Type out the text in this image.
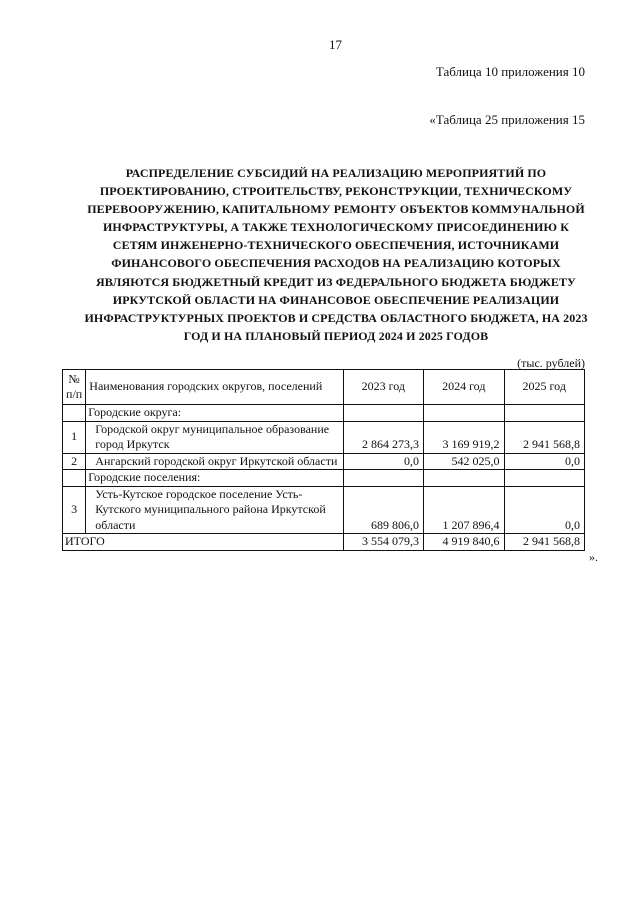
17
Таблица 10 приложения 10
«Таблица 25 приложения 15
РАСПРЕДЕЛЕНИЕ СУБСИДИЙ НА РЕАЛИЗАЦИЮ МЕРОПРИЯТИЙ ПО ПРОЕКТИРОВАНИЮ, СТРОИТЕЛЬСТВУ, РЕКОНСТРУКЦИИ, ТЕХНИЧЕСКОМУ ПЕРЕВООРУЖЕНИЮ, КАПИТАЛЬНОМУ РЕМОНТУ ОБЪЕКТОВ КОММУНАЛЬНОЙ ИНФРАСТРУКТУРЫ, А ТАКЖЕ ТЕХНОЛОГИЧЕСКОМУ ПРИСОЕДИНЕНИЮ К СЕТЯМ ИНЖЕНЕРНО-ТЕХНИЧЕСКОГО ОБЕСПЕЧЕНИЯ, ИСТОЧНИКАМИ ФИНАНСОВОГО ОБЕСПЕЧЕНИЯ РАСХОДОВ НА РЕАЛИЗАЦИЮ КОТОРЫХ ЯВЛЯЮТСЯ БЮДЖЕТНЫЙ КРЕДИТ ИЗ ФЕДЕРАЛЬНОГО БЮДЖЕТА БЮДЖЕТУ ИРКУТСКОЙ ОБЛАСТИ НА ФИНАНСОВОЕ ОБЕСПЕЧЕНИЕ РЕАЛИЗАЦИИ ИНФРАСТРУКТУРНЫХ ПРОЕКТОВ И СРЕДСТВА ОБЛАСТНОГО БЮДЖЕТА, НА 2023 ГОД И НА ПЛАНОВЫЙ ПЕРИОД 2024 И 2025 ГОДОВ
(тыс. рублей)
№ п/п	Наименования городских округов, поселений	2023 год	2024 год	2025 год
	Городские округа:			
1	Городской округ муниципальное образование город Иркутск	2 864 273,3	3 169 919,2	2 941 568,8
2	Ангарский городской округ Иркутской области	0,0	542 025,0	0,0
	Городские поселения:			
3	Усть-Кутское городское поселение Усть-Кутского муниципального района Иркутской области	689 806,0	1 207 896,4	0,0
ИТОГО		3 554 079,3	4 919 840,6	2 941 568,8
».
